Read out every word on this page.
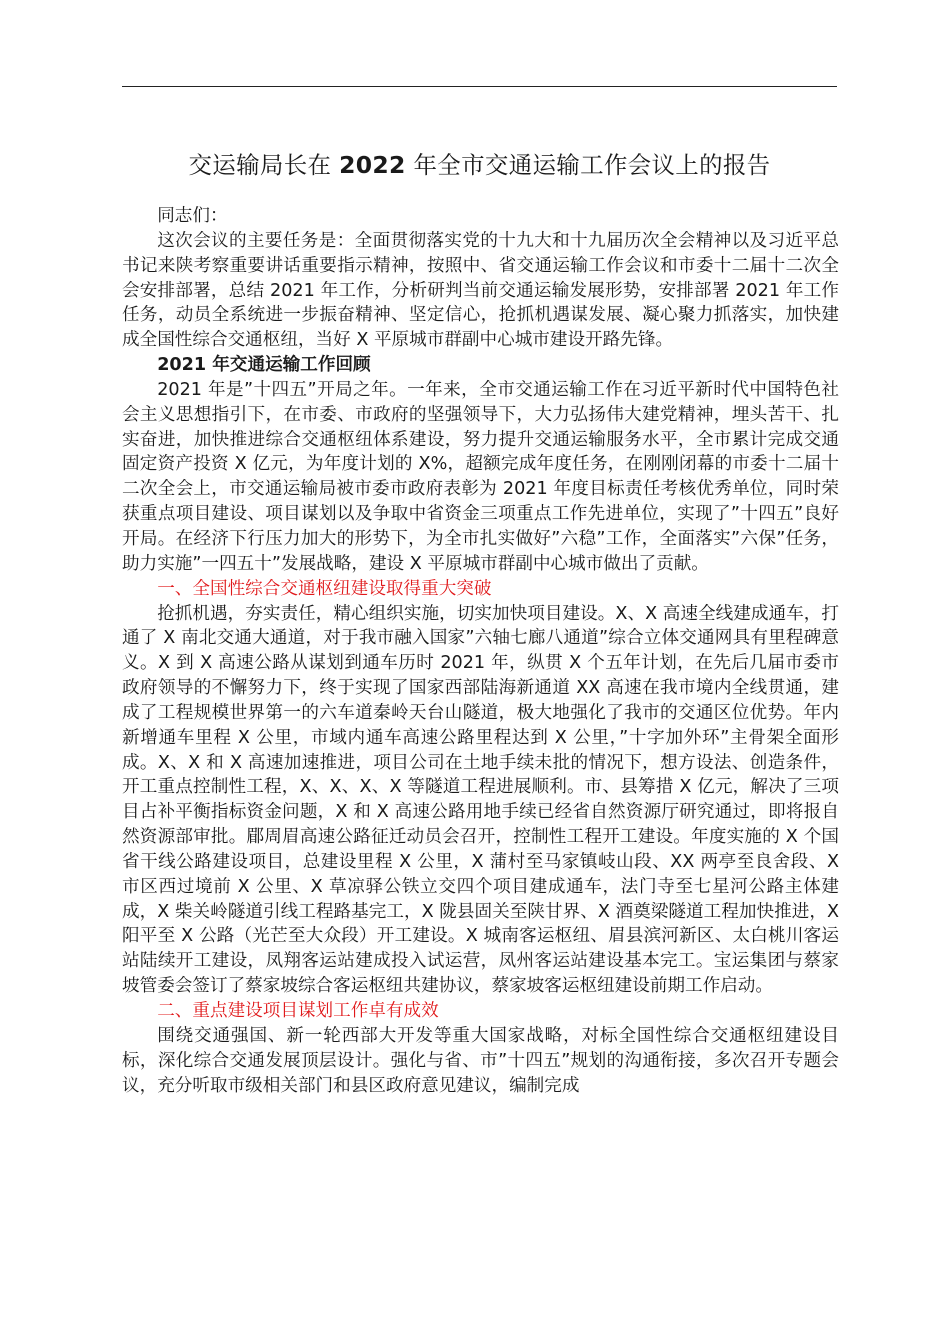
交运输局长在 2022 年全市交通运输工作会议上的报告

同志们：

这次会议的主要任务是：全面贯彻落实党的十九大和十九届历次全会精神以及习近平总书记来陕考察重要讲话重要指示精神，按照中、省交通运输工作会议和市委十二届十二次全会安排部署，总结 2021 年工作，分析研判当前交通运输发展形势，安排部署 2021 年工作任务，动员全系统进一步振奋精神、坚定信心，抢抓机遇谋发展、凝心聚力抓落实，加快建成全国性综合交通枢纽，当好 X 平原城市群副中心城市建设开路先锋。

2021 年交通运输工作回顾

2021 年是”十四五”开局之年。一年来，全市交通运输工作在习近平新时代中国特色社会主义思想指引下，在市委、市政府的坚强领导下，大力弘扬伟大建党精神，埋头苦干、扎实奋进，加快推进综合交通枢纽体系建设，努力提升交通运输服务水平，全市累计完成交通固定资产投资 X 亿元，为年度计划的 X%，超额完成年度任务，在刚刚闭幕的市委十二届十二次全会上，市交通运输局被市委市政府表彰为 2021 年度目标责任考核优秀单位，同时荣获重点项目建设、项目谋划以及争取中省资金三项重点工作先进单位，实现了”十四五”良好开局。在经济下行压力加大的形势下，为全市扎实做好”六稳”工作，全面落实”六保”任务，助力实施”一四五十”发展战略，建设 X 平原城市群副中心城市做出了贡献。

一、全国性综合交通枢纽建设取得重大突破

抢抓机遇，夯实责任，精心组织实施，切实加快项目建设。X、X 高速全线建成通车，打通了 X 南北交通大通道，对于我市融入国家”六轴七廊八通道”综合立体交通网具有里程碑意义。X 到 X 高速公路从谋划到通车历时 2021 年，纵贯 X 个五年计划，在先后几届市委市政府领导的不懈努力下，终于实现了国家西部陆海新通道 XX 高速在我市境内全线贯通，建成了工程规模世界第一的六车道秦岭天台山隧道，极大地强化了我市的交通区位优势。年内新增通车里程 X 公里，市域内通车高速公路里程达到 X 公里，”十字加外环”主骨架全面形成。X、X 和 X 高速加速推进，项目公司在土地手续未批的情况下，想方设法、创造条件，开工重点控制性工程，X、X、X、X 等隧道工程进展顺利。市、县筹措 X 亿元，解决了三项目占补平衡指标资金问题，X 和 X 高速公路用地手续已经省自然资源厅研究通过，即将报自然资源部审批。郿周眉高速公路征迁动员会召开，控制性工程开工建设。年度实施的 X 个国省干线公路建设项目，总建设里程 X 公里，X 蒲村至马家镇岐山段、XX 两亭至良舍段、X 市区西过境前 X 公里、X 草凉驿公铁立交四个项目建成通车，法门寺至七星河公路主体建成，X 柴关岭隧道引线工程路基完工，X 陇县固关至陕甘界、X 酒奠梁隧道工程加快推进，X 阳平至 X 公路（光芒至大众段）开工建设。X 城南客运枢纽、眉县滨河新区、太白桃川客运站陆续开工建设，凤翔客运站建成投入试运营，凤州客运站建设基本完工。宝运集团与蔡家坡管委会签订了蔡家坡综合客运枢纽共建协议，蔡家坡客运枢纽建设前期工作启动。

二、重点建设项目谋划工作卓有成效

围绕交通强国、新一轮西部大开发等重大国家战略，对标全国性综合交通枢纽建设目标，深化综合交通发展顶层设计。强化与省、市”十四五”规划的沟通衔接，多次召开专题会议，充分听取市级相关部门和县区政府意见建议，编制完成
